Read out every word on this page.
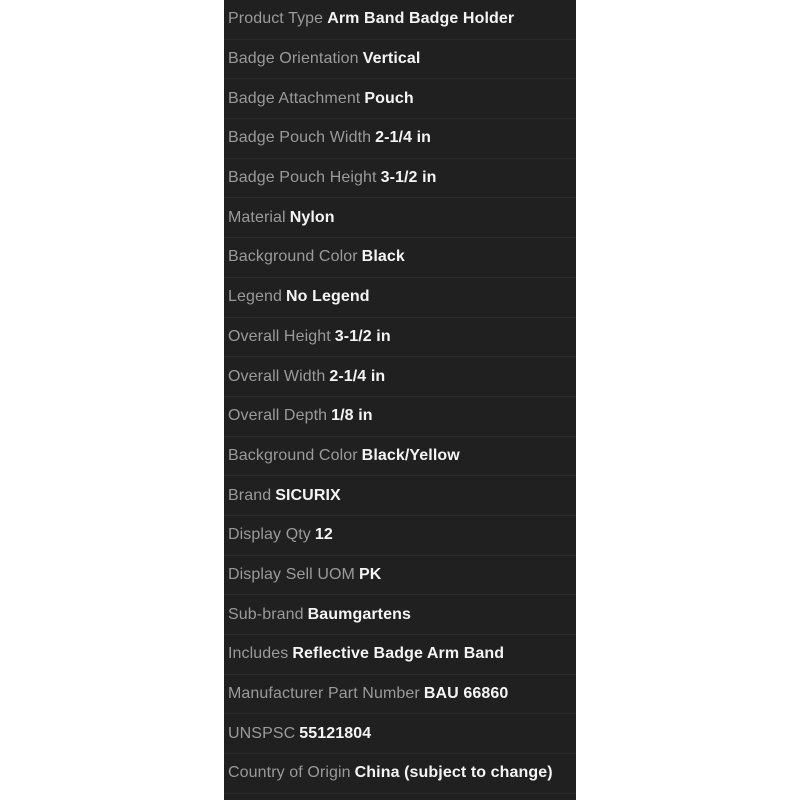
Product Type Arm Band Badge Holder
Badge Orientation Vertical
Badge Attachment Pouch
Badge Pouch Width 2-1/4 in
Badge Pouch Height 3-1/2 in
Material Nylon
Background Color Black
Legend No Legend
Overall Height 3-1/2 in
Overall Width 2-1/4 in
Overall Depth 1/8 in
Background Color Black/Yellow
Brand SICURIX
Display Qty 12
Display Sell UOM PK
Sub-brand Baumgartens
Includes Reflective Badge Arm Band
Manufacturer Part Number BAU 66860
UNSPSC 55121804
Country of Origin China (subject to change)
